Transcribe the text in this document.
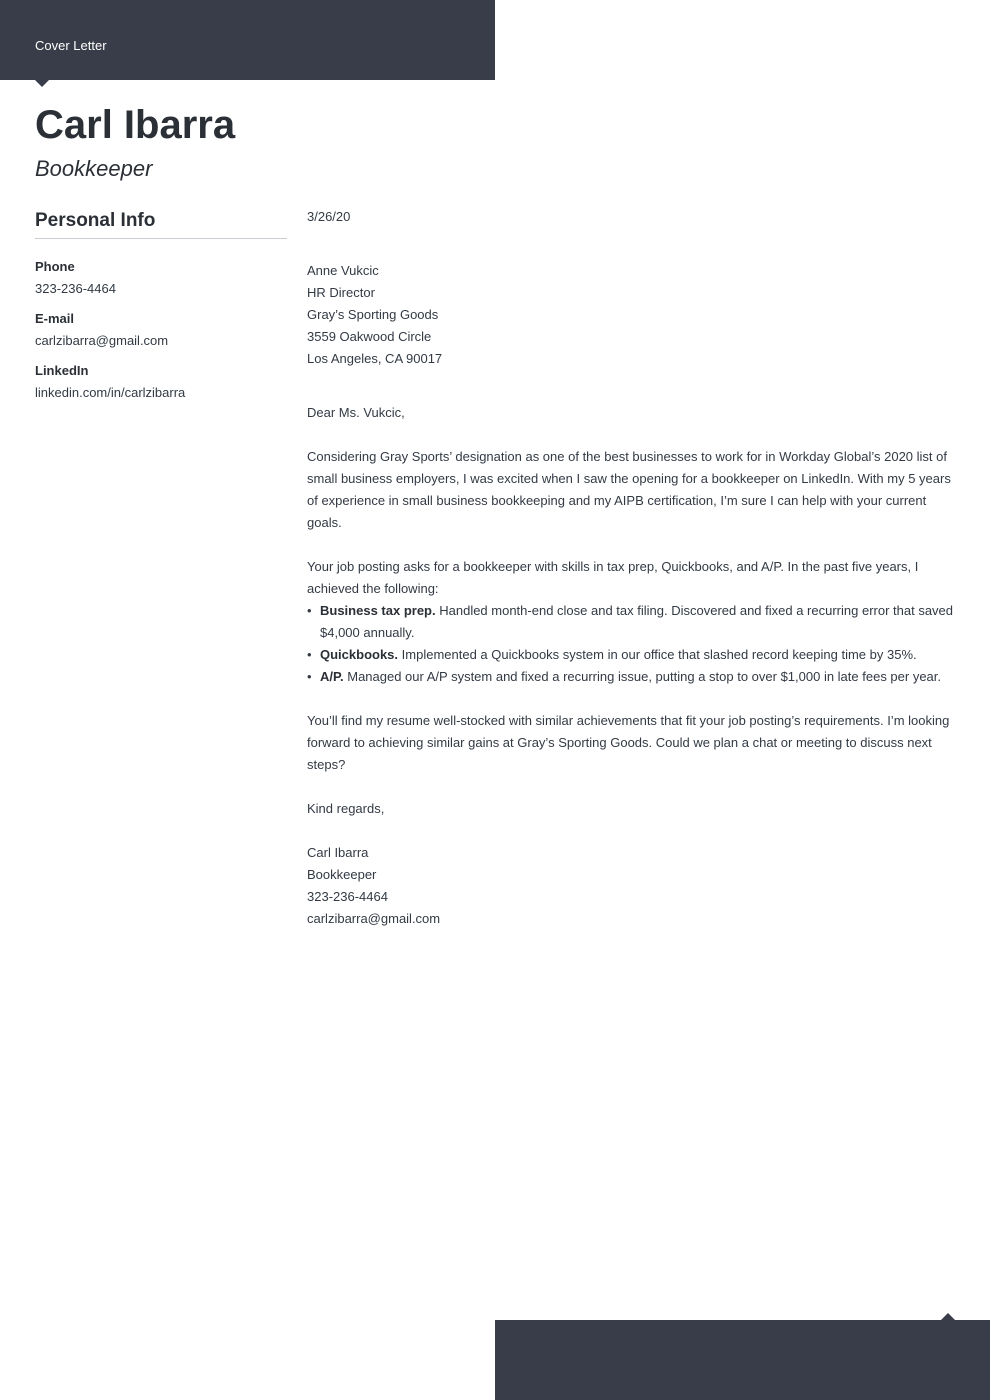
Cover Letter
Carl Ibarra
Bookkeeper
Personal Info
Phone
323-236-4464
E-mail
carlzibarra@gmail.com
LinkedIn
linkedin.com/in/carlzibarra

3/26/20

Anne Vukcic

HR Director

Gray’s Sporting Goods

3559 Oakwood Circle

Los Angeles, CA 90017

Dear Ms. Vukcic,

Considering Gray Sports’ designation as one of the best businesses to work for in Workday Global’s 2020 list of small business employers, I was excited when I saw the opening for a bookkeeper on LinkedIn. With my 5 years of experience in small business bookkeeping and my AIPB certification, I’m sure I can help with your current goals.

Your job posting asks for a bookkeeper with skills in tax prep, Quickbooks, and A/P. In the past five years, I achieved the following:

• Business tax prep. Handled month-end close and tax filing. Discovered and fixed a recurring error that saved $4,000 annually.
• Quickbooks. Implemented a Quickbooks system in our office that slashed record keeping time by 35%.
• A/P. Managed our A/P system and fixed a recurring issue, putting a stop to over $1,000 in late fees per year.

You’ll find my resume well-stocked with similar achievements that fit your job posting’s requirements. I’m looking forward to achieving similar gains at Gray’s Sporting Goods. Could we plan a chat or meeting to discuss next steps?

Kind regards,

Carl Ibarra

Bookkeeper

323-236-4464

carlzibarra@gmail.com
